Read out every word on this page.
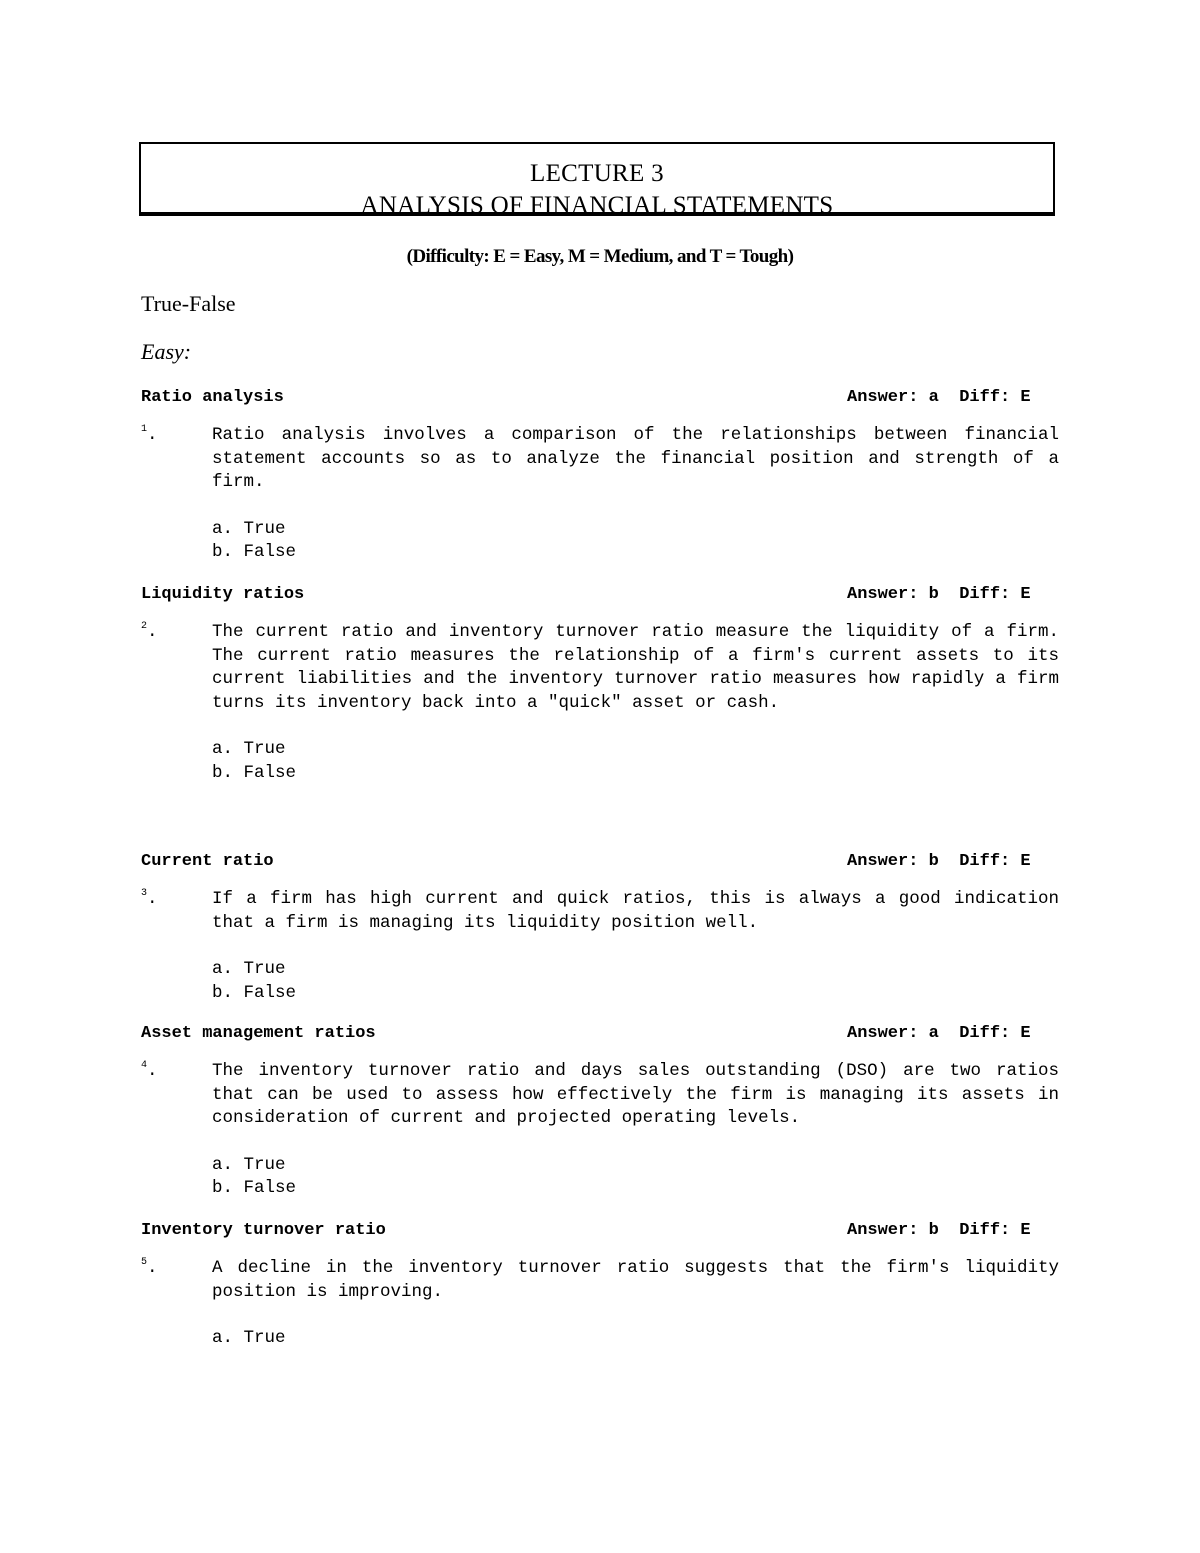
LECTURE 3
ANALYSIS OF FINANCIAL STATEMENTS
(Difficulty: E = Easy, M = Medium, and T = Tough)
True-False
Easy:
Ratio analysis	Answer: a  Diff: E
$^1$.	Ratio analysis involves a comparison of the relationships between financial statement accounts so as to analyze the financial position and strength of a firm.
a. True
b. False
Liquidity ratios	Answer: b  Diff: E
$^2$.	The current ratio and inventory turnover ratio measure the liquidity of a firm. The current ratio measures the relationship of a firm's current assets to its current liabilities and the inventory turnover ratio measures how rapidly a firm turns its inventory back into a "quick" asset or cash.
a. True
b. False
Current ratio	Answer: b  Diff: E
$^3$.	If a firm has high current and quick ratios, this is always a good indication that a firm is managing its liquidity position well.
a. True
b. False
Asset management ratios	Answer: a  Diff: E
$^4$.	The inventory turnover ratio and days sales outstanding (DSO) are two ratios that can be used to assess how effectively the firm is managing its assets in consideration of current and projected operating levels.
a. True
b. False
Inventory turnover ratio	Answer: b  Diff: E
$^5$.	A decline in the inventory turnover ratio suggests that the firm's liquidity position is improving.
a. True
